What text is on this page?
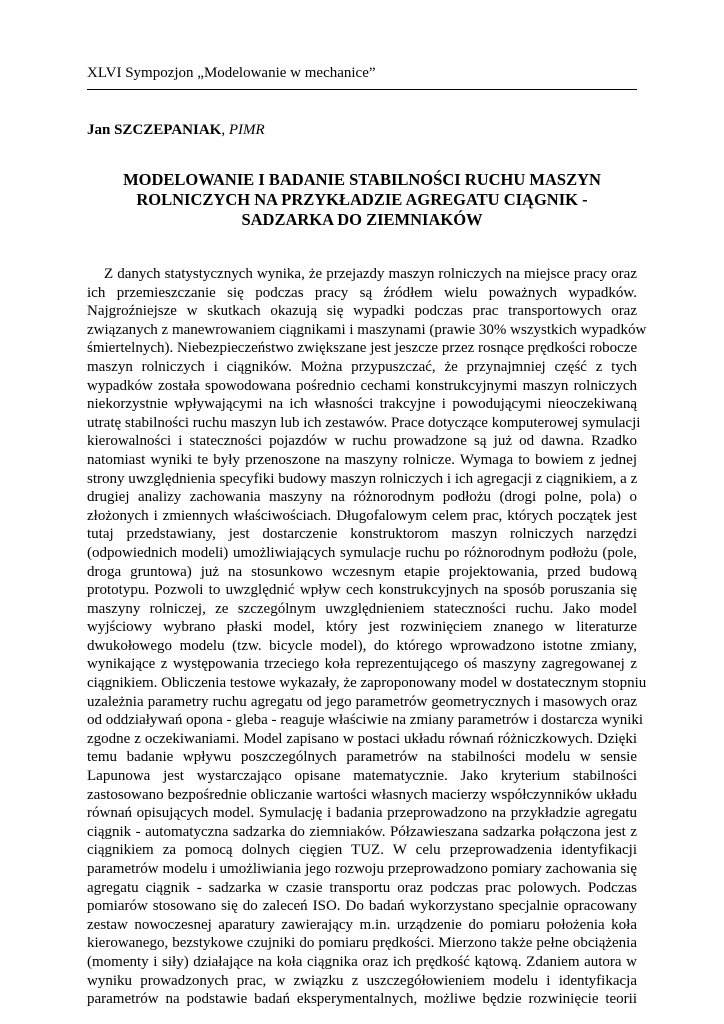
XLVI Sympozjon „Modelowanie w mechanice”
Jan SZCZEPANIAK, PIMR
MODELOWANIE I BADANIE STABILNOŚCI RUCHU MASZYN
ROLNICZYCH NA PRZYKŁADZIE AGREGATU CIĄGNIK -
SADZARKA DO ZIEMNIAKÓW
Z danych statystycznych wynika, że przejazdy maszyn rolniczych na miejsce pracy oraz
ich przemieszczanie się podczas pracy są źródłem wielu poważnych wypadków.
Najgroźniejsze w skutkach okazują się wypadki podczas prac transportowych oraz
związanych z manewrowaniem ciągnikami i maszynami (prawie 30% wszystkich wypadków
śmiertelnych). Niebezpieczeństwo zwiększane jest jeszcze przez rosnące prędkości robocze
maszyn rolniczych i ciągników. Można przypuszczać, że przynajmniej część z tych
wypadków została spowodowana pośrednio cechami konstrukcyjnymi maszyn rolniczych
niekorzystnie wpływającymi na ich własności trakcyjne i powodującymi nieoczekiwaną
utratę stabilności ruchu maszyn lub ich zestawów. Prace dotyczące komputerowej symulacji
kierowalności i stateczności pojazdów w ruchu prowadzone są już od dawna. Rzadko
natomiast wyniki te były przenoszone na maszyny rolnicze. Wymaga to bowiem z jednej
strony uwzględnienia specyfiki budowy maszyn rolniczych i ich agregacji z ciągnikiem, a z
drugiej analizy zachowania maszyny na różnorodnym podłożu (drogi polne, pola) o
złożonych i zmiennych właściwościach. Długofalowym celem prac, których początek jest
tutaj przedstawiany, jest dostarczenie konstruktorom maszyn rolniczych narzędzi
(odpowiednich modeli) umożliwiających symulacje ruchu po różnorodnym podłożu (pole,
droga gruntowa) już na stosunkowo wczesnym etapie projektowania, przed budową
prototypu. Pozwoli to uwzględnić wpływ cech konstrukcyjnych na sposób poruszania się
maszyny rolniczej, ze szczególnym uwzględnieniem stateczności ruchu. Jako model
wyjściowy wybrano płaski model, który jest rozwinięciem znanego w literaturze
dwukołowego modelu (tzw. bicycle model), do którego wprowadzono istotne zmiany,
wynikające z występowania trzeciego koła reprezentującego oś maszyny zagregowanej z
ciągnikiem. Obliczenia testowe wykazały, że zaproponowany model w dostatecznym stopniu
uzależnia parametry ruchu agregatu od jego parametrów geometrycznych i masowych oraz
od oddziaływań opona - gleba - reaguje właściwie na zmiany parametrów i dostarcza wyniki
zgodne z oczekiwaniami. Model zapisano w postaci układu równań różniczkowych. Dzięki
temu badanie wpływu poszczególnych parametrów na stabilności modelu w sensie
Lapunowa jest wystarczająco opisane matematycznie. Jako kryterium stabilności
zastosowano bezpośrednie obliczanie wartości własnych macierzy współczynników układu
równań opisujących model. Symulację i badania przeprowadzono na przykładzie agregatu
ciągnik - automatyczna sadzarka do ziemniaków. Półzawieszana sadzarka połączona jest z
ciągnikiem za pomocą dolnych cięgien TUZ. W celu przeprowadzenia identyfikacji
parametrów modelu i umożliwiania jego rozwoju przeprowadzono pomiary zachowania się
agregatu ciągnik - sadzarka w czasie transportu oraz podczas prac polowych. Podczas
pomiarów stosowano się do zaleceń ISO. Do badań wykorzystano specjalnie opracowany
zestaw nowoczesnej aparatury zawierający m.in. urządzenie do pomiaru położenia koła
kierowanego, bezstykowe czujniki do pomiaru prędkości. Mierzono także pełne obciążenia
(momenty i siły) działające na koła ciągnika oraz ich prędkość kątową. Zdaniem autora w
wyniku prowadzonych prac, w związku z uszczegółowieniem modelu i identyfikacja
parametrów na podstawie badań eksperymentalnych, możliwe będzie rozwinięcie teorii
